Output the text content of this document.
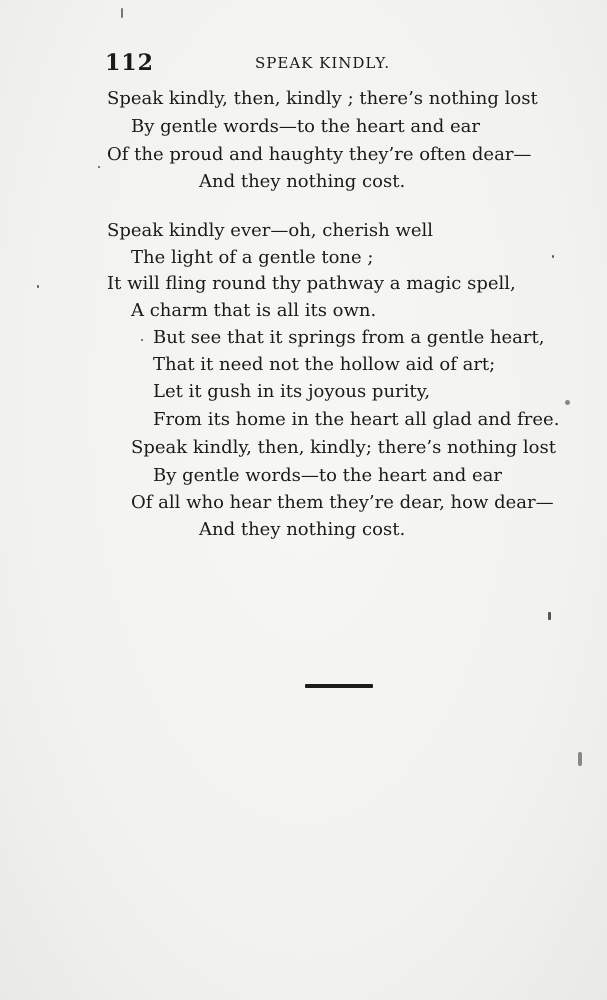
112	SPEAK KINDLY.
Speak kindly, then, kindly ; there’s nothing lost
By gentle words—to the heart and ear
Of the proud and haughty they’re often dear—
And they nothing cost.
Speak kindly ever—oh, cherish well
The light of a gentle tone ;
It will fling round thy pathway a magic spell,
A charm that is all its own.
But see that it springs from a gentle heart,
That it need not the hollow aid of art;
Let it gush in its joyous purity,
From its home in the heart all glad and free.
Speak kindly, then, kindly; there’s nothing lost
By gentle words—to the heart and ear
Of all who hear them they’re dear, how dear—
And they nothing cost.
